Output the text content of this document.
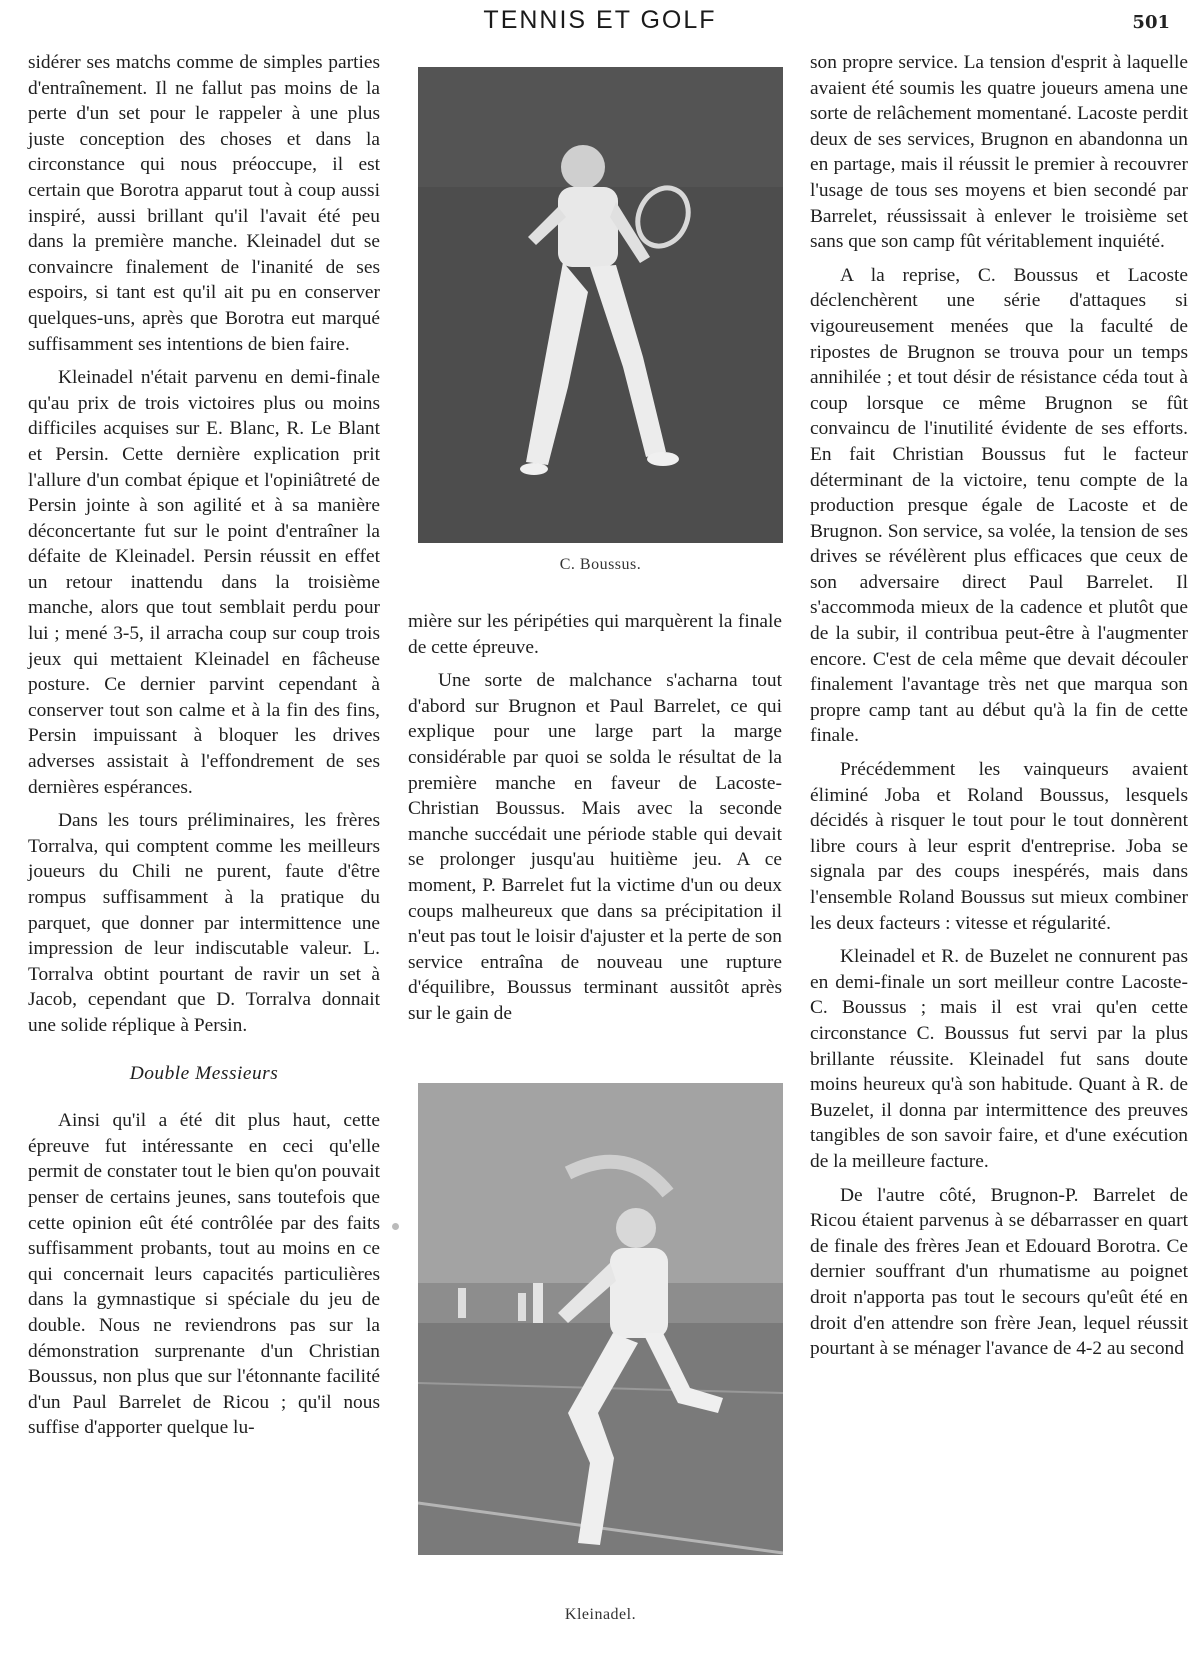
TENNIS ET GOLF	501

sidérer ses matchs comme de simples parties d'entraînement. Il ne fallut pas moins de la perte d'un set pour le rappeler à une plus juste conception des choses et dans la circonstance qui nous préoccupe, il est certain que Borotra apparut tout à coup aussi inspiré, aussi brillant qu'il l'avait été peu dans la première manche. Kleinadel dut se convaincre finalement de l'inanité de ses espoirs, si tant est qu'il ait pu en conserver quelques-uns, après que Borotra eut marqué suffisamment ses intentions de bien faire.

Kleinadel n'était parvenu en demi-finale qu'au prix de trois victoires plus ou moins difficiles acquises sur E. Blanc, R. Le Blant et Persin. Cette dernière explication prit l'allure d'un combat épique et l'opiniâtreté de Persin jointe à son agilité et à sa manière déconcertante fut sur le point d'entraîner la défaite de Kleinadel. Persin réussit en effet un retour inattendu dans la troisième manche, alors que tout semblait perdu pour lui ; mené 3-5, il arracha coup sur coup trois jeux qui mettaient Kleinadel en fâcheuse posture. Ce dernier parvint cependant à conserver tout son calme et à la fin des fins, Persin impuissant à bloquer les drives adverses assistait à l'effondrement de ses dernières espérances.

Dans les tours préliminaires, les frères Torralva, qui comptent comme les meilleurs joueurs du Chili ne purent, faute d'être rompus suffisamment à la pratique du parquet, que donner par intermittence une impression de leur indiscutable valeur. L. Torralva obtint pourtant de ravir un set à Jacob, cependant que D. Torralva donnait une solide réplique à Persin.

Double Messieurs

Ainsi qu'il a été dit plus haut, cette épreuve fut intéressante en ceci qu'elle permit de constater tout le bien qu'on pouvait penser de certains jeunes, sans toutefois que cette opinion eût été contrôlée par des faits suffisamment probants, tout au moins en ce qui concernait leurs capacités particulières dans la gymnastique si spéciale du jeu de double. Nous ne reviendrons pas sur la démonstration surprenante d'un Christian Boussus, non plus que sur l'étonnante facilité d'un Paul Barrelet de Ricou ; qu'il nous suffise d'apporter quelque lu-

C. Boussus.

mière sur les péripéties qui marquèrent la finale de cette épreuve.

Une sorte de malchance s'acharna tout d'abord sur Brugnon et Paul Barrelet, ce qui explique pour une large part la marge considérable par quoi se solda le résultat de la première manche en faveur de Lacoste-Christian Boussus. Mais avec la seconde manche succédait une période stable qui devait se prolonger jusqu'au huitième jeu. A ce moment, P. Barrelet fut la victime d'un ou deux coups malheureux que dans sa précipitation il n'eut pas tout le loisir d'ajuster et la perte de son service entraîna de nouveau une rupture d'équilibre, Boussus terminant aussitôt après sur le gain de

Kleinadel.

son propre service. La tension d'esprit à laquelle avaient été soumis les quatre joueurs amena une sorte de relâchement momentané. Lacoste perdit deux de ses services, Brugnon en abandonna un en partage, mais il réussit le premier à recouvrer l'usage de tous ses moyens et bien secondé par Barrelet, réussissait à enlever le troisième set sans que son camp fût véritablement inquiété.

A la reprise, C. Boussus et Lacoste déclenchèrent une série d'attaques si vigoureusement menées que la faculté de ripostes de Brugnon se trouva pour un temps annihilée ; et tout désir de résistance céda tout à coup lorsque ce même Brugnon se fût convaincu de l'inutilité évidente de ses efforts. En fait Christian Boussus fut le facteur déterminant de la victoire, tenu compte de la production presque égale de Lacoste et de Brugnon. Son service, sa volée, la tension de ses drives se révélèrent plus efficaces que ceux de son adversaire direct Paul Barrelet. Il s'accommoda mieux de la cadence et plutôt que de la subir, il contribua peut-être à l'augmenter encore. C'est de cela même que devait découler finalement l'avantage très net que marqua son propre camp tant au début qu'à la fin de cette finale.

Précédemment les vainqueurs avaient éliminé Joba et Roland Boussus, lesquels décidés à risquer le tout pour le tout donnèrent libre cours à leur esprit d'entreprise. Joba se signala par des coups inespérés, mais dans l'ensemble Roland Boussus sut mieux combiner les deux facteurs : vitesse et régularité.

Kleinadel et R. de Buzelet ne connurent pas en demi-finale un sort meilleur contre Lacoste-C. Boussus ; mais il est vrai qu'en cette circonstance C. Boussus fut servi par la plus brillante réussite. Kleinadel fut sans doute moins heureux qu'à son habitude. Quant à R. de Buzelet, il donna par intermittence des preuves tangibles de son savoir faire, et d'une exécution de la meilleure facture.

De l'autre côté, Brugnon-P. Barrelet de Ricou étaient parvenus à se débarrasser en quart de finale des frères Jean et Edouard Borotra. Ce dernier souffrant d'un rhumatisme au poignet droit n'apporta pas tout le secours qu'eût été en droit d'en attendre son frère Jean, lequel réussit pourtant à se ménager l'avance de 4-2 au second
